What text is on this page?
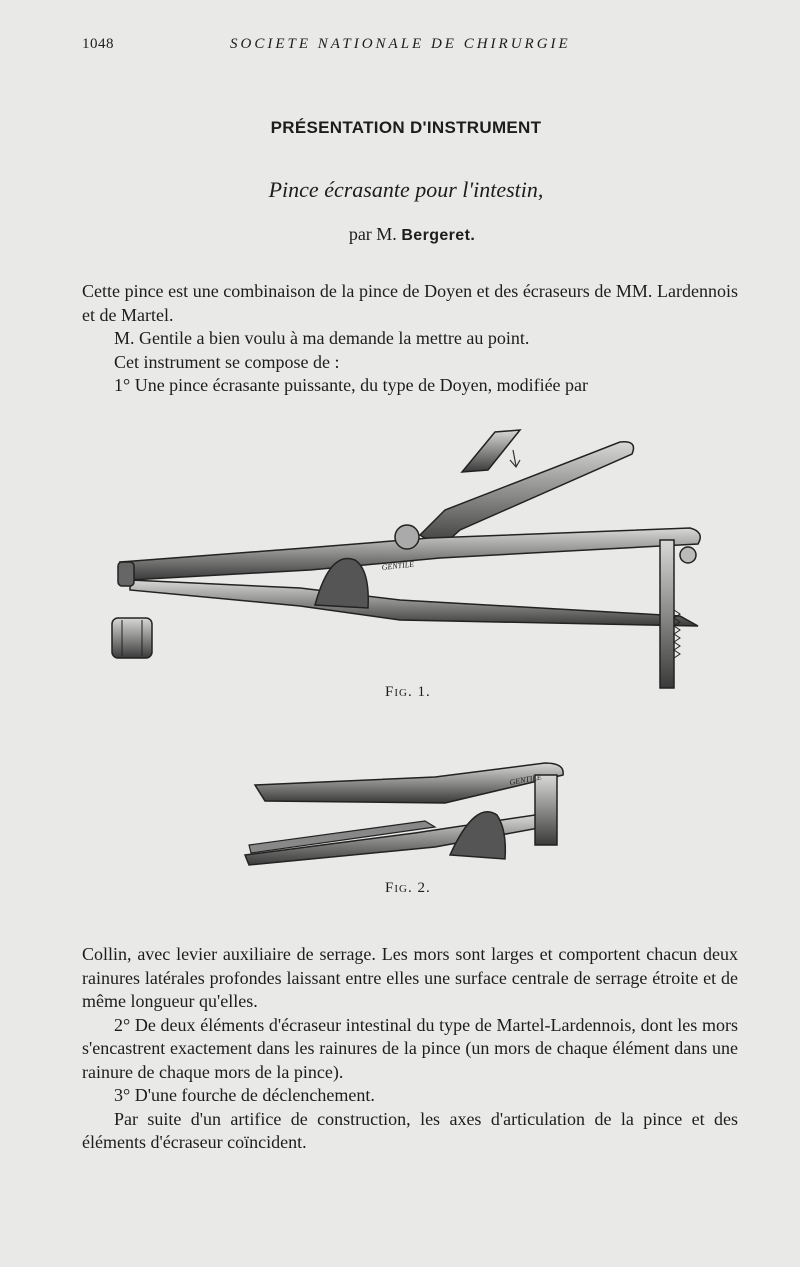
1048	SOCIETE NATIONALE DE CHIRURGIE
PRÉSENTATION D'INSTRUMENT
Pince écrasante pour l'intestin,
par M. Bergeret.

Cette pince est une combinaison de la pince de Doyen et des écraseurs de MM. Lardennois et de Martel.

M. Gentile a bien voulu à ma demande la mettre au point.

Cet instrument se compose de :

1° Une pince écrasante puissante, du type de Doyen, modifiée par

GENTILE
Fig. 1.
GENTILE
Fig. 2.

Collin, avec levier auxiliaire de serrage. Les mors sont larges et comportent chacun deux rainures latérales profondes laissant entre elles une surface centrale de serrage étroite et de même longueur qu'elles.

2° De deux éléments d'écraseur intestinal du type de Martel-Lardennois, dont les mors s'encastrent exactement dans les rainures de la pince (un mors de chaque élément dans une rainure de chaque mors de la pince).

3° D'une fourche de déclenchement.

Par suite d'un artifice de construction, les axes d'articulation de la pince et des éléments d'écraseur coïncident.
